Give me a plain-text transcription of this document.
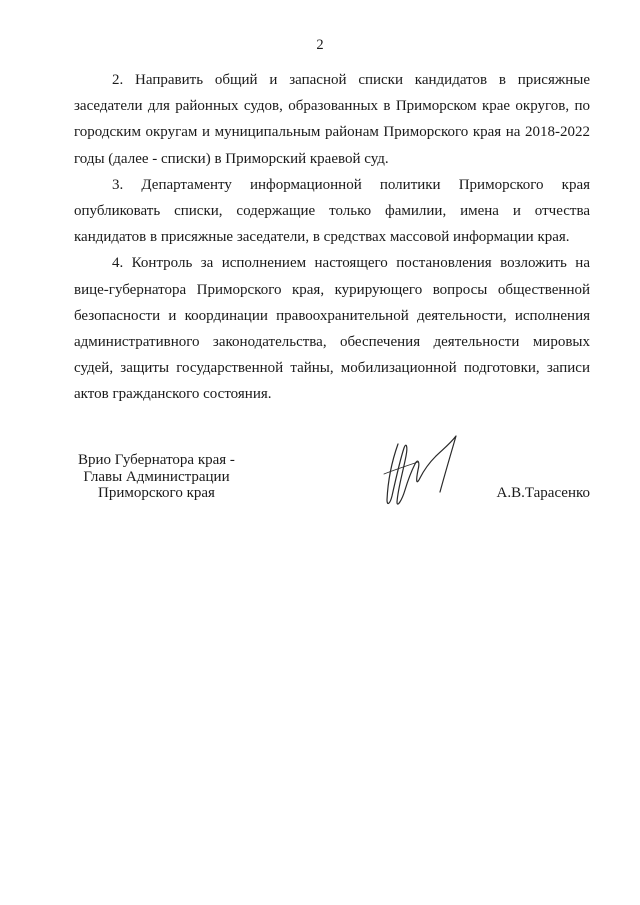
2

2. Направить общий и запасной списки кандидатов в присяжные заседатели для районных судов, образованных в Приморском крае округов, по городским округам и муниципальным районам Приморского края на 2018-2022 годы (далее - списки) в Приморский краевой суд.

3. Департаменту информационной политики Приморского края опубликовать списки, содержащие только фамилии, имена и отчества кандидатов в присяжные заседатели, в средствах массовой информации края.

4. Контроль за исполнением настоящего постановления возложить на вице-губернатора Приморского края, курирующего вопросы общественной безопасности и координации правоохранительной деятельности, исполнения административного законодательства, обеспечения деятельности мировых судей, защиты государственной тайны, мобилизационной подготовки, записи актов гражданского состояния.

Врио Губернатора края -
Главы Администрации
Приморского края	А.В.Тарасенко
